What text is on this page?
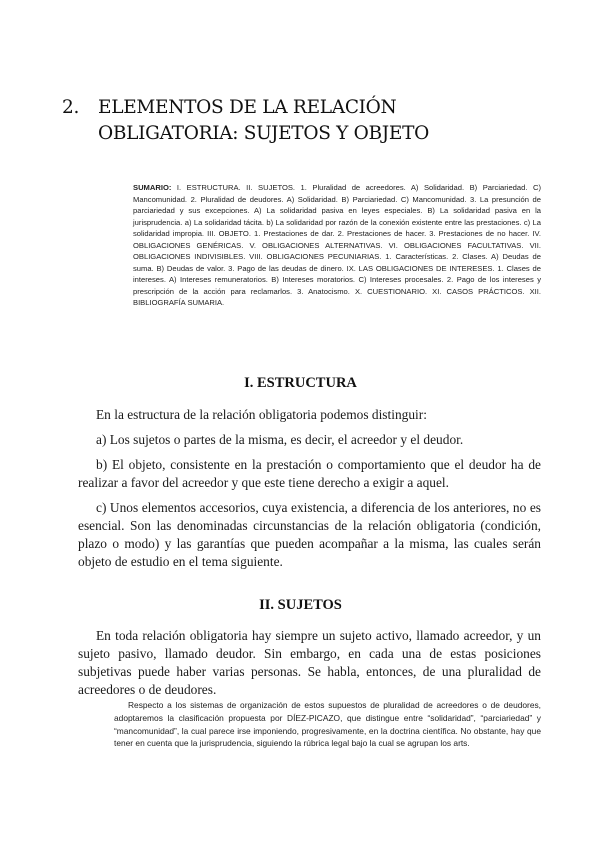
2. ELEMENTOS DE LA RELACIÓN
OBLIGATORIA: SUJETOS Y OBJETO
SUMARIO: I. ESTRUCTURA. II. SUJETOS. 1. Pluralidad de acreedores. A) Solidaridad. B) Parciariedad. C) Mancomunidad. 2. Pluralidad de deudores. A) Solidaridad. B) Parciariedad. C) Mancomunidad. 3. La presunción de parciariedad y sus excepciones. A) La solidaridad pasiva en leyes especiales. B) La solidaridad pasiva en la jurisprudencia. a) La solidaridad tácita. b) La solidaridad por razón de la conexión existente entre las prestaciones. c) La solidaridad impropia. III. OBJETO. 1. Prestaciones de dar. 2. Prestaciones de hacer. 3. Prestaciones de no hacer. IV. OBLIGACIONES GENÉRICAS. V. OBLIGACIONES ALTERNATIVAS. VI. OBLIGACIONES FACULTATIVAS. VII. OBLIGACIONES INDIVISIBLES. VIII. OBLIGACIONES PECUNIARIAS. 1. Características. 2. Clases. A) Deudas de suma. B) Deudas de valor. 3. Pago de las deudas de dinero. IX. LAS OBLIGACIONES DE INTERESES. 1. Clases de intereses. A) Intereses remuneratorios. B) Intereses moratorios. C) Intereses procesales. 2. Pago de los intereses y prescripción de la acción para reclamarlos. 3. Anatocismo. X. CUESTIONARIO. XI. CASOS PRÁCTICOS. XII. BIBLIOGRAFÍA SUMARIA.
I. ESTRUCTURA

En la estructura de la relación obligatoria podemos distinguir:

a) Los sujetos o partes de la misma, es decir, el acreedor y el deudor.

b) El objeto, consistente en la prestación o comportamiento que el deudor ha de realizar a favor del acreedor y que este tiene derecho a exigir a aquel.

c) Unos elementos accesorios, cuya existencia, a diferencia de los anteriores, no es esencial. Son las denominadas circunstancias de la relación obligatoria (condición, plazo o modo) y las garantías que pueden acompañar a la misma, las cuales serán objeto de estudio en el tema siguiente.

II. SUJETOS

En toda relación obligatoria hay siempre un sujeto activo, llamado acreedor, y un sujeto pasivo, llamado deudor. Sin embargo, en cada una de estas posiciones subjetivas puede haber varias personas. Se habla, entonces, de una pluralidad de acreedores o de deudores.

Respecto a los sistemas de organización de estos supuestos de pluralidad de acreedores o de deudores, adoptaremos la clasificación propuesta por DÍEZ-PICAZO, que distingue entre “solidaridad”, “parciariedad” y “mancomunidad”, la cual parece irse imponiendo, progresivamente, en la doctrina científica. No obstante, hay que tener en cuenta que la jurisprudencia, siguiendo la rúbrica legal bajo la cual se agrupan los arts.
